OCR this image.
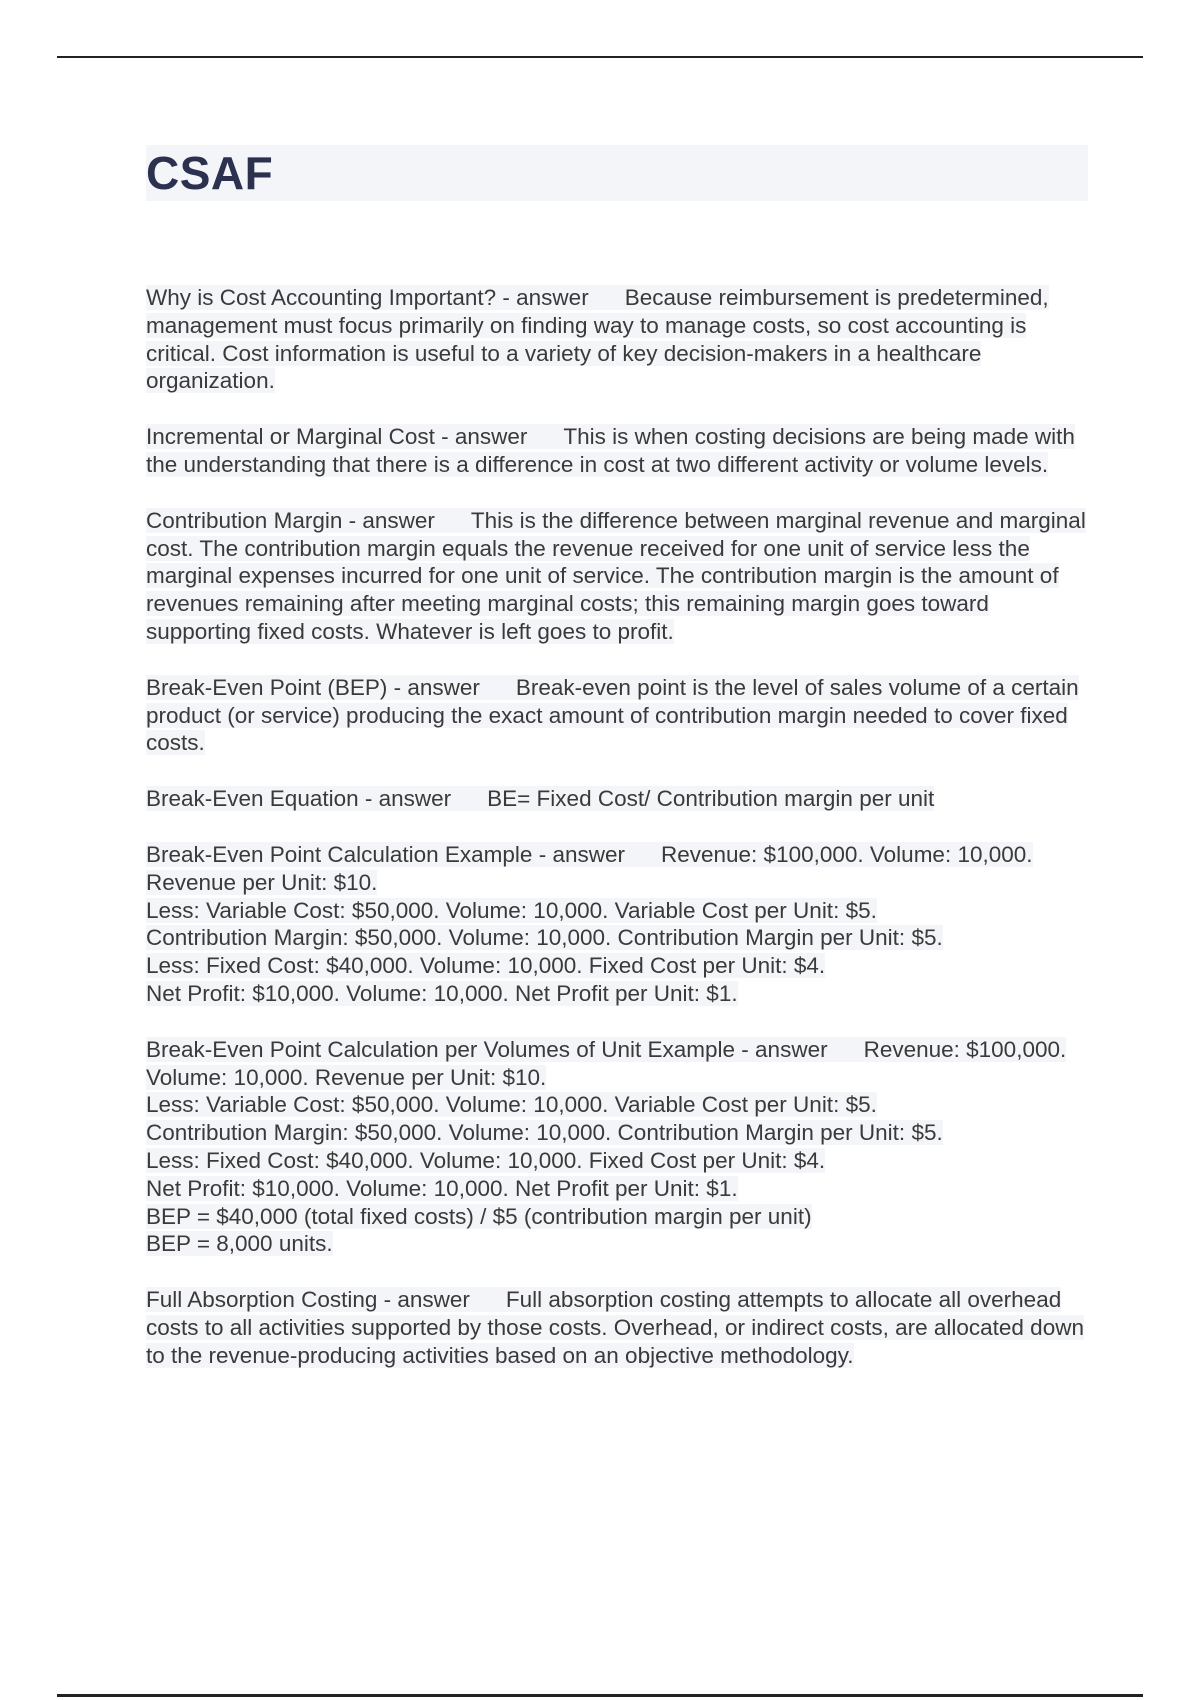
CSAF

Why is Cost Accounting Important? - answer Because reimbursement is predetermined, management must focus primarily on finding way to manage costs, so cost accounting is critical. Cost information is useful to a variety of key decision-makers in a healthcare organization.

Incremental or Marginal Cost - answer This is when costing decisions are being made with the understanding that there is a difference in cost at two different activity or volume levels.

Contribution Margin - answer This is the difference between marginal revenue and marginal cost. The contribution margin equals the revenue received for one unit of service less the marginal expenses incurred for one unit of service. The contribution margin is the amount of revenues remaining after meeting marginal costs; this remaining margin goes toward supporting fixed costs. Whatever is left goes to profit.

Break-Even Point (BEP) - answer Break-even point is the level of sales volume of a certain product (or service) producing the exact amount of contribution margin needed to cover fixed costs.

Break-Even Equation - answer BE= Fixed Cost/ Contribution margin per unit

Break-Even Point Calculation Example - answer Revenue: $100,000. Volume: 10,000. Revenue per Unit: $10.
Less: Variable Cost: $50,000. Volume: 10,000. Variable Cost per Unit: $5.
Contribution Margin: $50,000. Volume: 10,000. Contribution Margin per Unit: $5.
Less: Fixed Cost: $40,000. Volume: 10,000. Fixed Cost per Unit: $4.
Net Profit: $10,000. Volume: 10,000. Net Profit per Unit: $1.

Break-Even Point Calculation per Volumes of Unit Example - answer Revenue: $100,000. Volume: 10,000. Revenue per Unit: $10.
Less: Variable Cost: $50,000. Volume: 10,000. Variable Cost per Unit: $5.
Contribution Margin: $50,000. Volume: 10,000. Contribution Margin per Unit: $5.
Less: Fixed Cost: $40,000. Volume: 10,000. Fixed Cost per Unit: $4.
Net Profit: $10,000. Volume: 10,000. Net Profit per Unit: $1.
BEP = $40,000 (total fixed costs) / $5 (contribution margin per unit)
BEP = 8,000 units.

Full Absorption Costing - answer Full absorption costing attempts to allocate all overhead costs to all activities supported by those costs. Overhead, or indirect costs, are allocated down to the revenue-producing activities based on an objective methodology.
